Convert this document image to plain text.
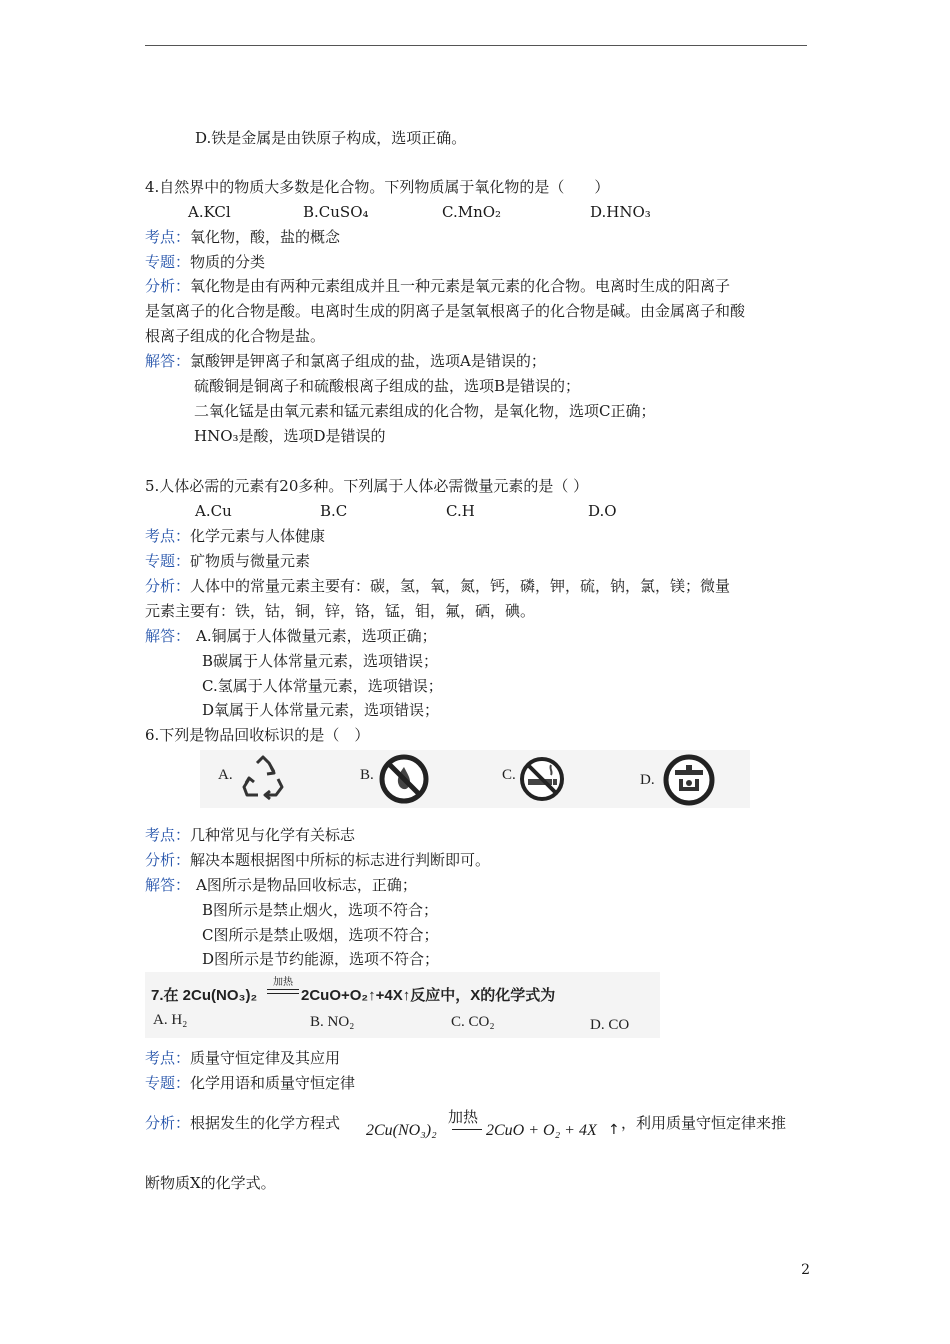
D.铁是金属是由铁原子构成，选项正确。
4.自然界中的物质大多数是化合物。下列物质属于氧化物的是（　　）
A.KCl	B.CuSO₄	C.MnO₂	D.HNO₃
考点：氧化物，酸，盐的概念
专题：物质的分类
分析：氧化物是由有两种元素组成并且一种元素是氧元素的化合物。电离时生成的阳离子
是氢离子的化合物是酸。电离时生成的阴离子是氢氧根离子的化合物是碱。由金属离子和酸
根离子组成的化合物是盐。
解答：氯酸钾是钾离子和氯离子组成的盐，选项A是错误的；
硫酸铜是铜离子和硫酸根离子组成的盐，选项B是错误的；
二氧化锰是由氧元素和锰元素组成的化合物，是氧化物，选项C正确；
HNO₃是酸，选项D是错误的
5.人体必需的元素有20多种。下列属于人体必需微量元素的是（ ）
A.Cu	B.C	C.H	D.O
考点：化学元素与人体健康
专题：矿物质与微量元素
分析：人体中的常量元素主要有：碳，氢，氧，氮，钙，磷，钾，硫，钠，氯，镁；微量
元素主要有：铁，钴，铜，锌，铬，锰，钼，氟，硒，碘。
解答： A.铜属于人体微量元素，选项正确；
B碳属于人体常量元素，选项错误；
C.氢属于人体常量元素，选项错误；
D氧属于人体常量元素，选项错误；
6.下列是物品回收标识的是（　）
A.	B.	C.	D.
考点：几种常见与化学有关标志
分析：解决本题根据图中所标的标志进行判断即可。
解答： A图所示是物品回收标志，正确；
B图所示是禁止烟火，选项不符合；
C图所示是禁止吸烟，选项不符合；
D图所示是节约能源，选项不符合；
7.在 2Cu(NO₃)₂
加热
2CuO+O₂↑+4X↑反应中，X的化学式为
A. H₂	B. NO₂	C. CO₂	D. CO
考点：质量守恒定律及其应用
专题：化学用语和质量守恒定律
分析：根据发生的化学方程式 2Cu(NO₃)₂
加热
2CuO + O₂ + 4X ↑ ，利用质量守恒定律来推
断物质X的化学式。
2
